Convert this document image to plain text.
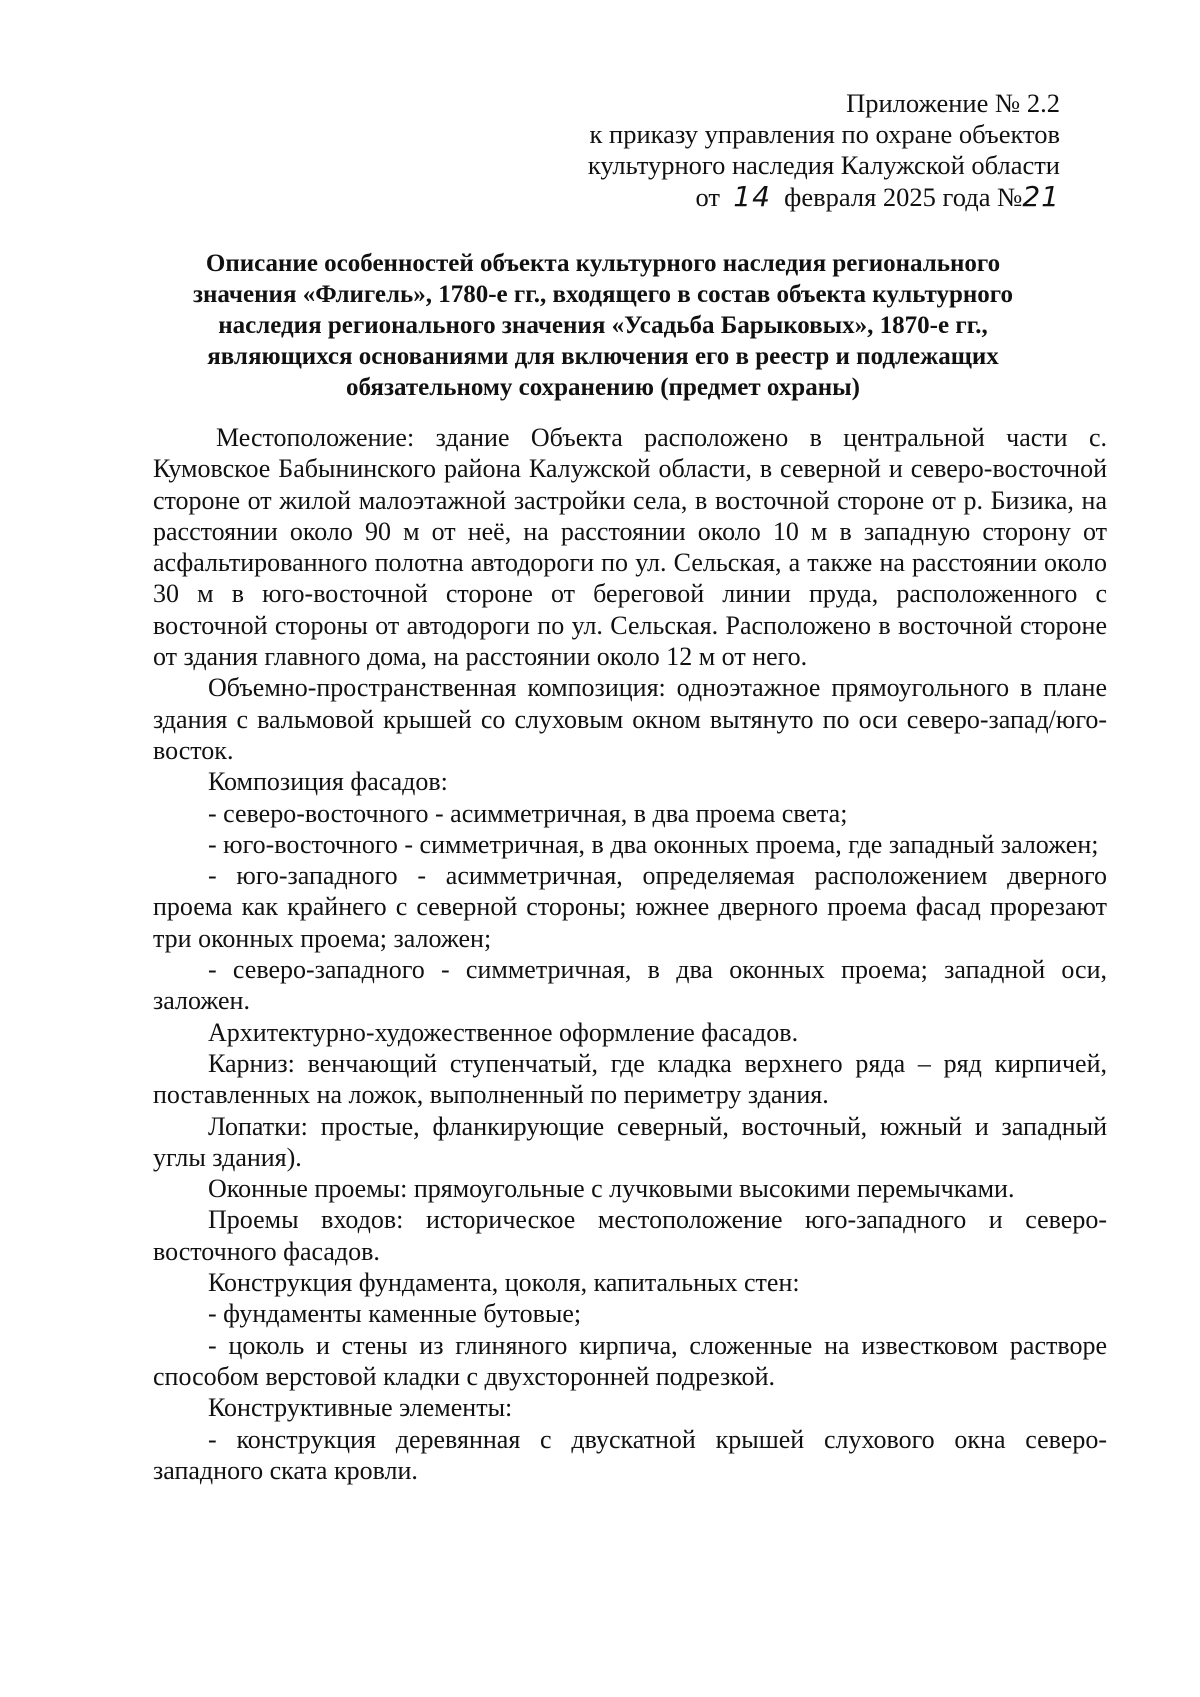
Приложение № 2.2
к приказу управления по охране объектов
культурного наследия Калужской области
от 14 февраля 2025 года №21
Описание особенностей объекта культурного наследия регионального
значения «Флигель», 1780-е гг., входящего в состав объекта культурного
наследия регионального значения «Усадьба Барыковых», 1870-е гг.,
являющихся основаниями для включения его в реестр и подлежащих
обязательному сохранению (предмет охраны)

Местоположение: здание Объекта расположено в центральной части с. Кумовское Бабынинского района Калужской области, в северной и северо-восточной стороне от жилой малоэтажной застройки села, в восточной стороне от р. Бизика, на расстоянии около 90 м от неё, на расстоянии около 10 м в западную сторону от асфальтированного полотна автодороги по ул. Сельская, а также на расстоянии около 30 м в юго-восточной стороне от береговой линии пруда, расположенного с восточной стороны от автодороги по ул. Сельская. Расположено в восточной стороне от здания главного дома, на расстоянии около 12 м от него.

Объемно-пространственная композиция: одноэтажное прямоугольного в плане здания с вальмовой крышей со слуховым окном вытянуто по оси северо-запад/юго-восток.

Композиция фасадов:

- северо-восточного - асимметричная, в два проема света;

- юго-восточного - симметричная, в два оконных проема, где западный заложен;

- юго-западного - асимметричная, определяемая расположением дверного проема как крайнего с северной стороны; южнее дверного проема фасад прорезают три оконных проема; заложен;

- северо-западного - симметричная, в два оконных проема; западной оси, заложен.

Архитектурно-художественное оформление фасадов.

Карниз: венчающий ступенчатый, где кладка верхнего ряда – ряд кирпичей, поставленных на ложок, выполненный по периметру здания.

Лопатки: простые, фланкирующие северный, восточный, южный и западный углы здания).

Оконные проемы: прямоугольные с лучковыми высокими перемычками.

Проемы входов: историческое местоположение юго-западного и северо-восточного фасадов.

Конструкция фундамента, цоколя, капитальных стен:

- фундаменты каменные бутовые;

- цоколь и стены из глиняного кирпича, сложенные на известковом растворе способом верстовой кладки с двухсторонней подрезкой.

Конструктивные элементы:

- конструкция деревянная с двускатной крышей слухового окна северо-западного ската кровли.
